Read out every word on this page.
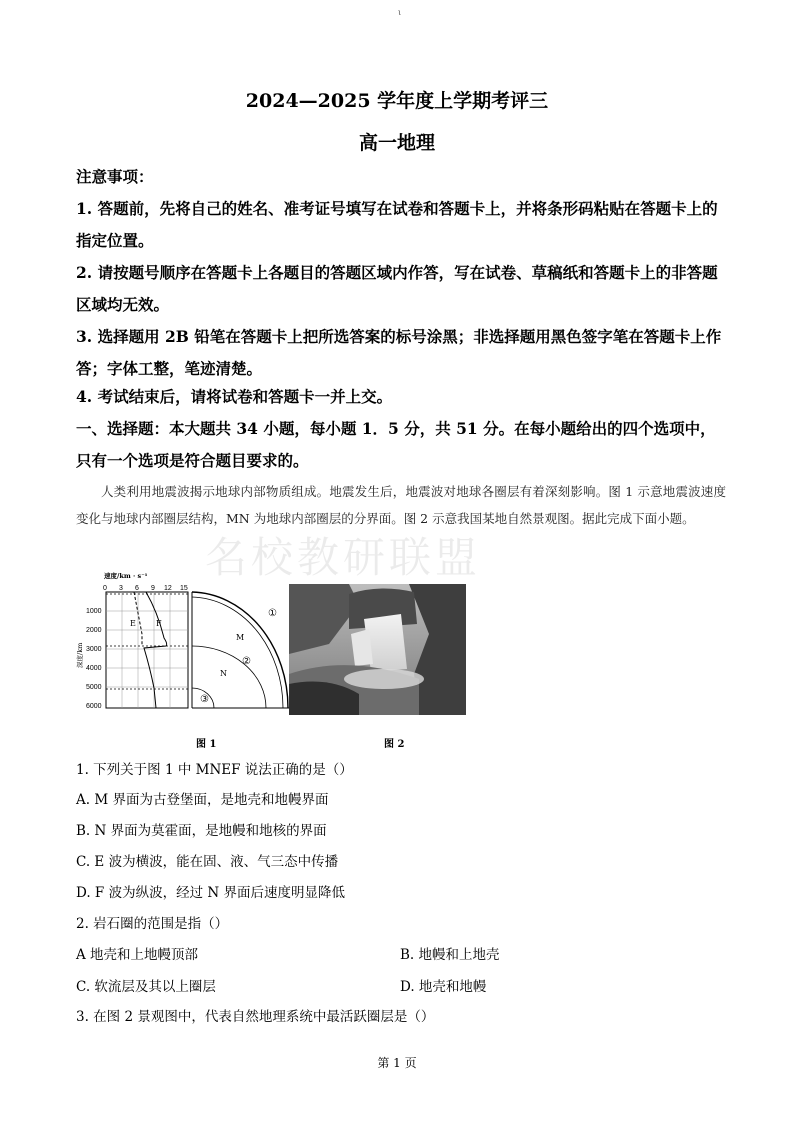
ι
2024—2025 学年度上学期考评三
高一地理
注意事项：
1. 答题前，先将自己的姓名、准考证号填写在试卷和答题卡上，并将条形码粘贴在答题卡上的指定位置。
2. 请按题号顺序在答题卡上各题目的答题区域内作答，写在试卷、草稿纸和答题卡上的非答题区域均无效。
3. 选择题用 2B 铅笔在答题卡上把所选答案的标号涂黑；非选择题用黑色签字笔在答题卡上作答；字体工整，笔迹清楚。
4. 考试结束后，请将试卷和答题卡一并上交。
一、选择题：本大题共 34 小题，每小题 1．5 分，共 51 分。在每小题给出的四个选项中，只有一个选项是符合题目要求的。
人类利用地震波揭示地球内部物质组成。地震发生后，地震波对地球各圈层有着深刻影响。图 1 示意地震波速度变化与地球内部圈层结构，MN 为地球内部圈层的分界面。图 2 示意我国某地自然景观图。据此完成下面小题。
名校教研联盟
速度/km · s⁻¹
0 3 6 9 12 15
1000
2000
3000
4000
5000
6000
深度/km
E	F
M
N
①
②
③
图 1	图 2
1. 下列关于图 1 中 MNEF 说法正确的是（）
A. M 界面为古登堡面，是地壳和地幔界面
B. N 界面为莫霍面，是地幔和地核的界面
C. E 波为横波，能在固、液、气三态中传播
D. F 波为纵波，经过 N 界面后速度明显降低
2. 岩石圈的范围是指（）
A 地壳和上地幔顶部	B. 地幔和上地壳
C. 软流层及其以上圈层	D. 地壳和地幔
3. 在图 2 景观图中，代表自然地理系统中最活跃圈层是（）
第 1 页
